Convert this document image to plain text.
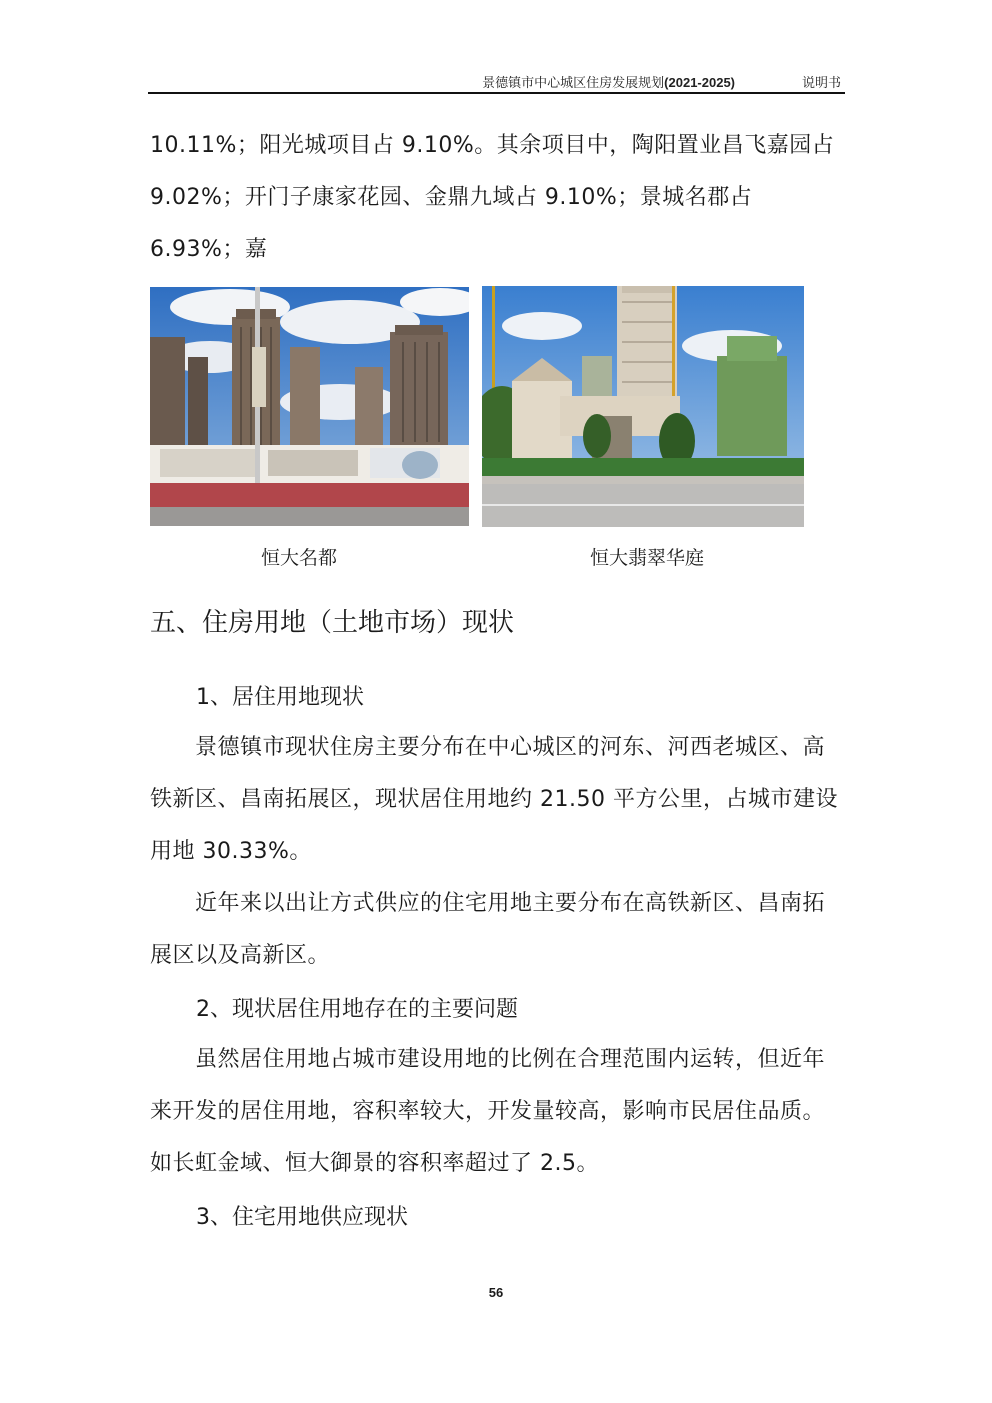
景德镇市中心城区住房发展规划(2021-2025)	说明书
10.11%；阳光城项目占 9.10%。其余项目中，陶阳置业昌飞嘉园占
9.02%；开门子康家花园、金鼎九域占 9.10%；景城名郡占 6.93%；嘉
恒大名都	恒大翡翠华庭
五、住房用地（土地市场）现状
1、居住用地现状
景德镇市现状住房主要分布在中心城区的河东、河西老城区、高铁新区、昌南拓展区，现状居住用地约 21.50 平方公里，占城市建设用地 30.33%。
近年来以出让方式供应的住宅用地主要分布在高铁新区、昌南拓展区以及高新区。
2、现状居住用地存在的主要问题
虽然居住用地占城市建设用地的比例在合理范围内运转，但近年来开发的居住用地，容积率较大，开发量较高，影响市民居住品质。如长虹金域、恒大御景的容积率超过了 2.5。
3、住宅用地供应现状
56
